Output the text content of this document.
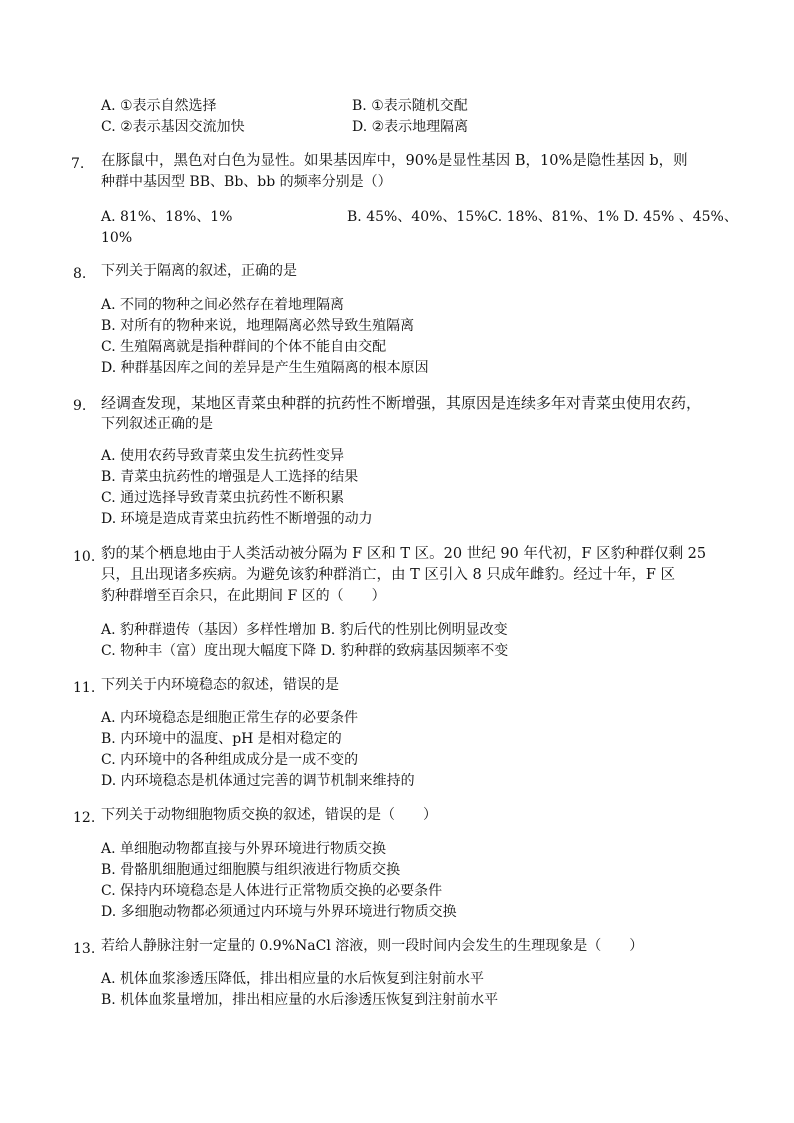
A. ①表示自然选择	B. ①表示随机交配
C. ②表示基因交流加快	D. ②表示地理隔离
7. 在豚鼠中，黑色对白色为显性。如果基因库中，90%是显性基因 B，10%是隐性基因 b，则
种群中基因型 BB、Bb、bb 的频率分别是（）
A. 81%、18%、1%	B. 45%、40%、15%C. 18%、81%、1% D. 45% 、45%、
10%
8. 下列关于隔离的叙述，正确的是
A. 不同的物种之间必然存在着地理隔离
B. 对所有的物种来说，地理隔离必然导致生殖隔离
C. 生殖隔离就是指种群间的个体不能自由交配
D. 种群基因库之间的差异是产生生殖隔离的根本原因
9. 经调查发现，某地区青菜虫种群的抗药性不断增强，其原因是连续多年对青菜虫使用农药，
下列叙述正确的是
A. 使用农药导致青菜虫发生抗药性变异
B. 青菜虫抗药性的增强是人工选择的结果
C. 通过选择导致青菜虫抗药性不断积累
D. 环境是造成青菜虫抗药性不断增强的动力
10. 豹的某个栖息地由于人类活动被分隔为 F 区和 T 区。20 世纪 90 年代初，F 区豹种群仅剩 25
只，且出现诸多疾病。为避免该豹种群消亡，由 T 区引入 8 只成年雌豹。经过十年，F 区
豹种群增至百余只，在此期间 F 区的（　　）
A. 豹种群遗传（基因）多样性增加 B. 豹后代的性别比例明显改变
C. 物种丰（富）度出现大幅度下降 D. 豹种群的致病基因频率不变
11. 下列关于内环境稳态的叙述，错误的是
A. 内环境稳态是细胞正常生存的必要条件
B. 内环境中的温度、pH 是相对稳定的
C. 内环境中的各种组成成分是一成不变的
D. 内环境稳态是机体通过完善的调节机制来维持的
12. 下列关于动物细胞物质交换的叙述，错误的是（　　）
A. 单细胞动物都直接与外界环境进行物质交换
B. 骨骼肌细胞通过细胞膜与组织液进行物质交换
C. 保持内环境稳态是人体进行正常物质交换的必要条件
D. 多细胞动物都必须通过内环境与外界环境进行物质交换
13. 若给人静脉注射一定量的 0.9%NaCl 溶液，则一段时间内会发生的生理现象是（　　）
A. 机体血浆渗透压降低，排出相应量的水后恢复到注射前水平
B. 机体血浆量增加，排出相应量的水后渗透压恢复到注射前水平
